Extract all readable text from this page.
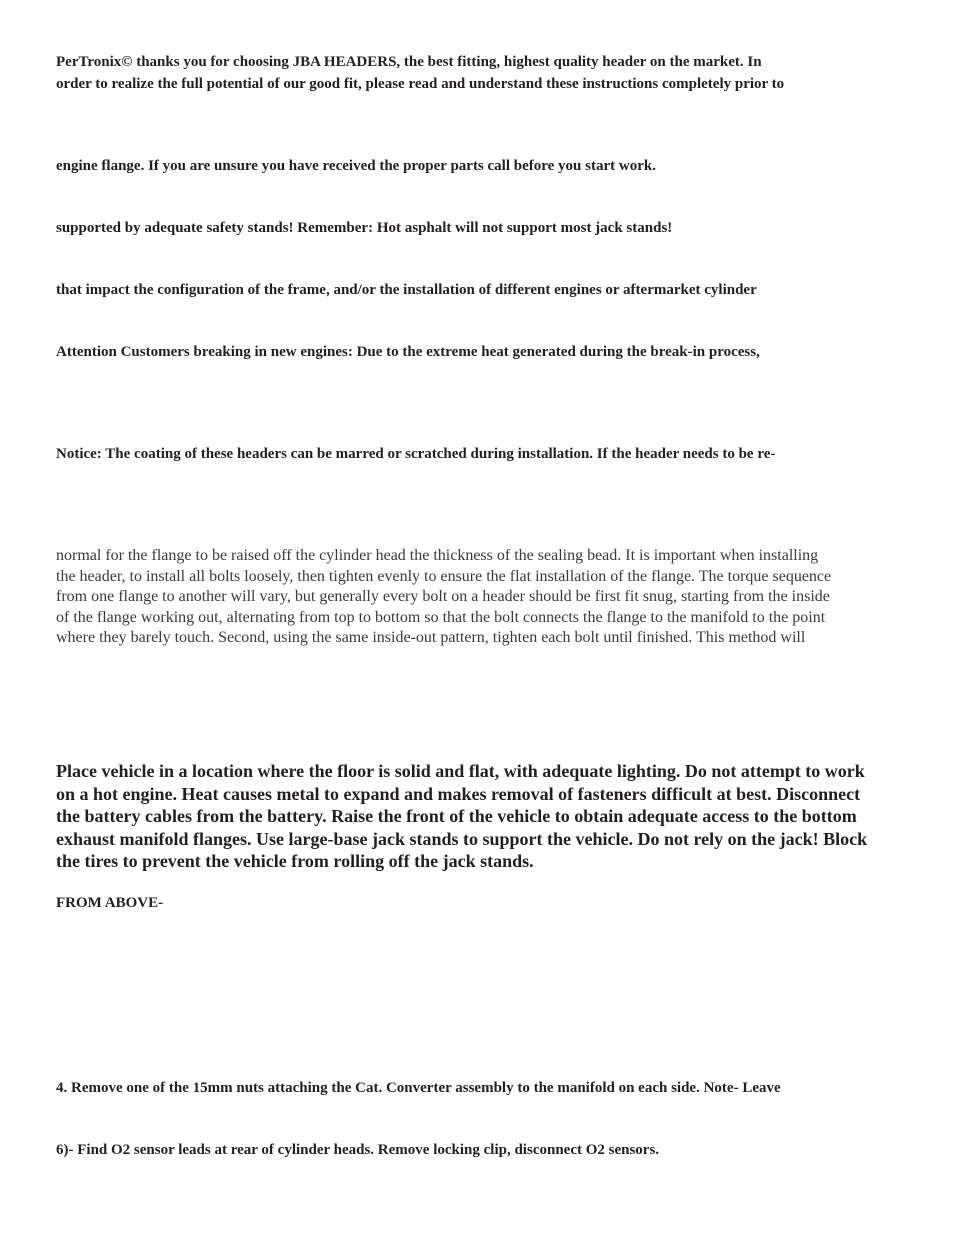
PerTronix© thanks you for choosing JBA HEADERS, the best fitting, highest quality header on the market. In
order to realize the full potential of our good fit, please read and understand these instructions completely prior to
engine flange. If you are unsure you have received the proper parts call before you start work.
supported by adequate safety stands! Remember: Hot asphalt will not support most jack stands!
that impact the configuration of the frame, and/or the installation of different engines or aftermarket cylinder
Attention Customers breaking in new engines: Due to the extreme heat generated during the break-in process,
Notice: The coating of these headers can be marred or scratched during installation. If the header needs to be re-
normal for the flange to be raised off the cylinder head the thickness of the sealing bead. It is important when installing
the header, to install all bolts loosely, then tighten evenly to ensure the flat installation of the flange. The torque sequence
from one flange to another will vary, but generally every bolt on a header should be first fit snug, starting from the inside
of the flange working out, alternating from top to bottom so that the bolt connects the flange to the manifold to the point
where they barely touch. Second, using the same inside-out pattern, tighten each bolt until finished. This method will
Place vehicle in a location where the floor is solid and flat, with adequate lighting. Do not attempt to work
on a hot engine. Heat causes metal to expand and makes removal of fasteners difficult at best. Disconnect
the battery cables from the battery. Raise the front of the vehicle to obtain adequate access to the bottom
exhaust manifold flanges. Use large-base jack stands to support the vehicle. Do not rely on the jack! Block
the tires to prevent the vehicle from rolling off the jack stands.
FROM ABOVE-
4. Remove one of the 15mm nuts attaching the Cat. Converter assembly to the manifold on each side. Note- Leave
6)- Find O2 sensor leads at rear of cylinder heads. Remove locking clip, disconnect O2 sensors.
